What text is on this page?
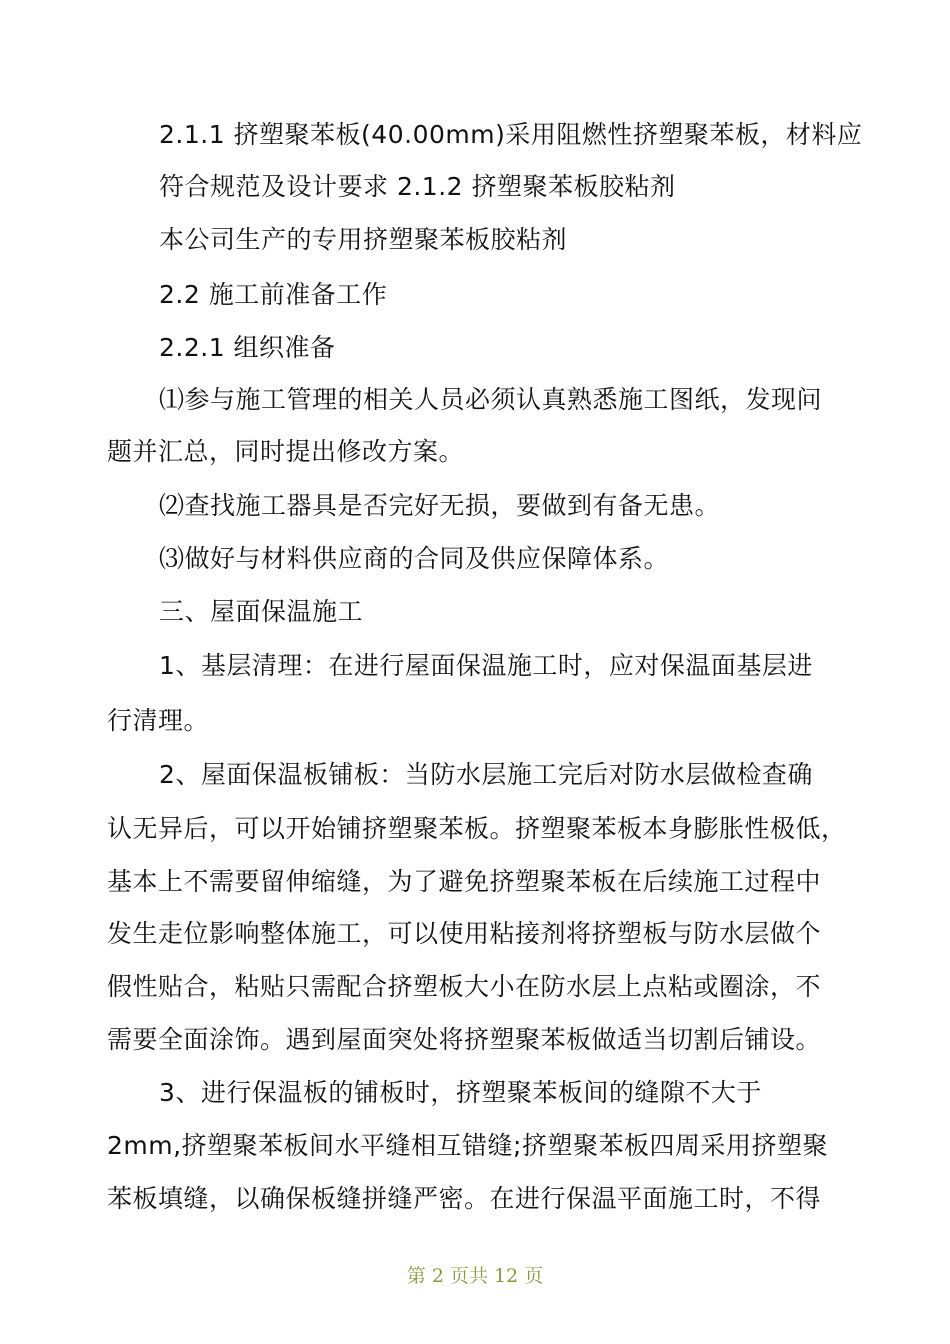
2.1.1 挤塑聚苯板(40.00mm)采用阻燃性挤塑聚苯板，材料应
符合规范及设计要求 2.1.2 挤塑聚苯板胶粘剂
本公司生产的专用挤塑聚苯板胶粘剂
2.2 施工前准备工作
2.2.1 组织准备
⑴参与施工管理的相关人员必须认真熟悉施工图纸，发现问
题并汇总，同时提出修改方案。
⑵查找施工器具是否完好无损，要做到有备无患。
⑶做好与材料供应商的合同及供应保障体系。
三、屋面保温施工
1、基层清理：在进行屋面保温施工时，应对保温面基层进
行清理。
2、屋面保温板铺板：当防水层施工完后对防水层做检查确
认无异后，可以开始铺挤塑聚苯板。挤塑聚苯板本身膨胀性极低，
基本上不需要留伸缩缝，为了避免挤塑聚苯板在后续施工过程中
发生走位影响整体施工，可以使用粘接剂将挤塑板与防水层做个
假性贴合，粘贴只需配合挤塑板大小在防水层上点粘或圈涂，不
需要全面涂饰。遇到屋面突处将挤塑聚苯板做适当切割后铺设。
3、进行保温板的铺板时，挤塑聚苯板间的缝隙不大于
2mm,挤塑聚苯板间水平缝相互错缝;挤塑聚苯板四周采用挤塑聚
苯板填缝，以确保板缝拼缝严密。在进行保温平面施工时，不得
第 2 页共 12 页
